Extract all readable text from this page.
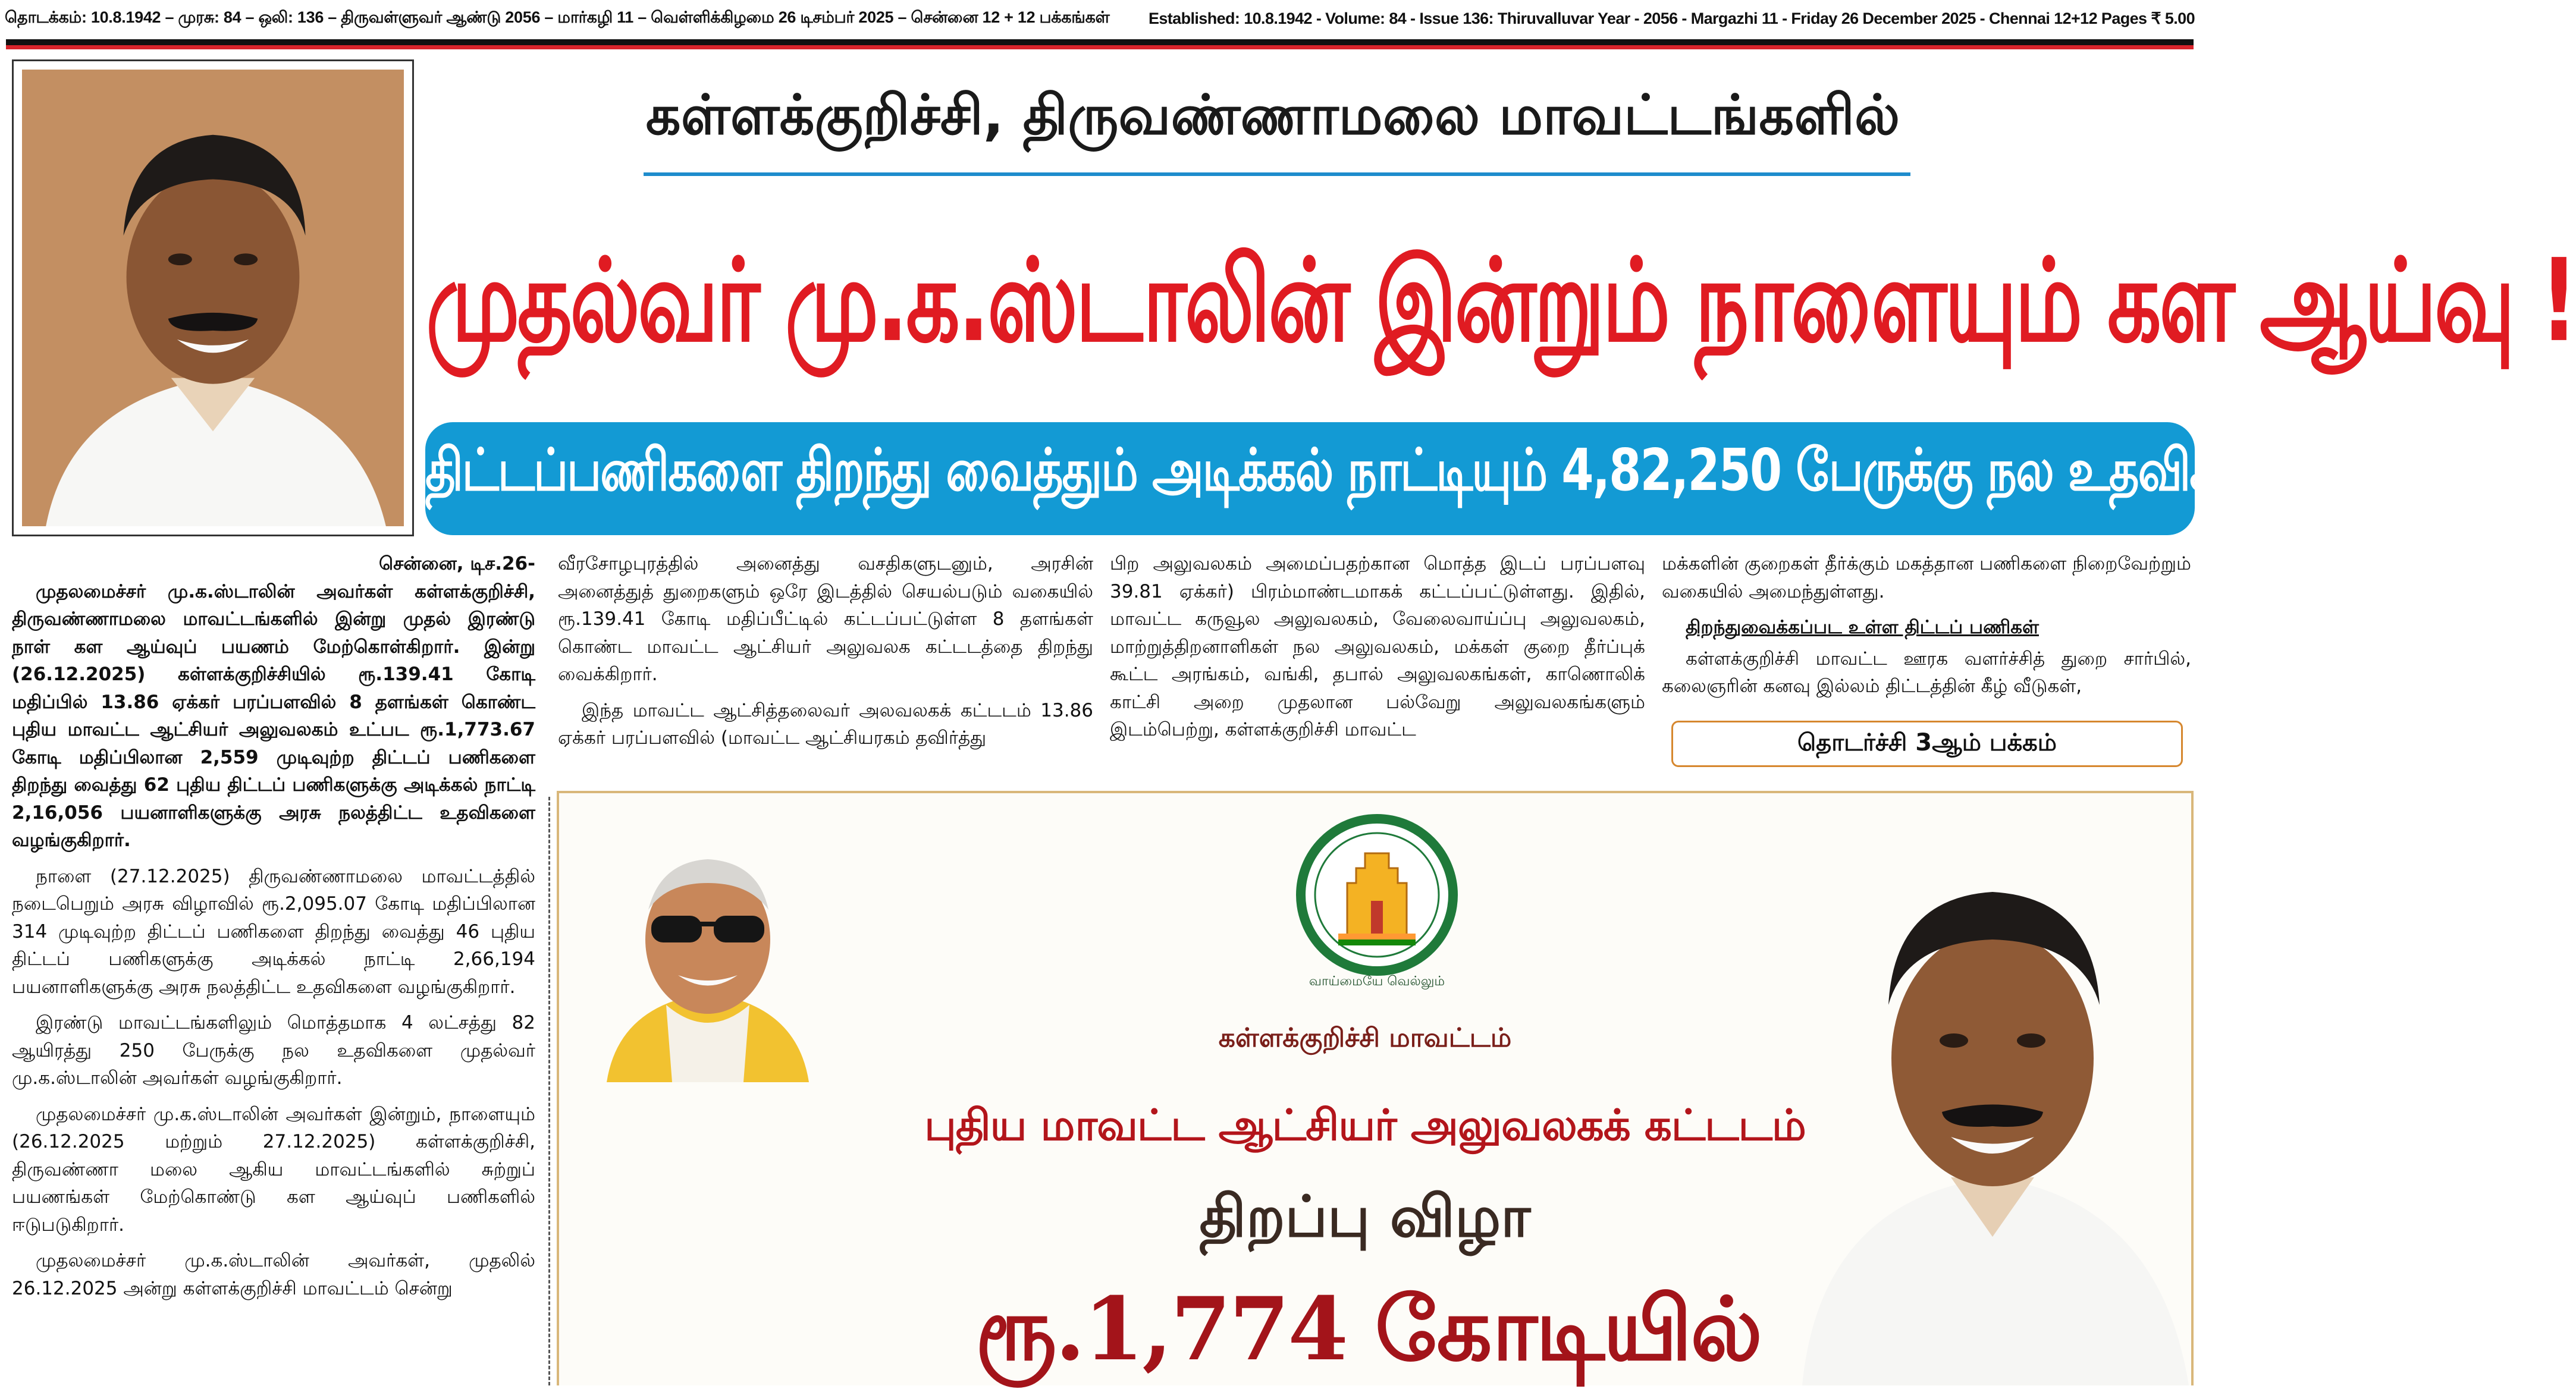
தொடக்கம்: 10.8.1942 – முரசு: 84 – ஒலி: 136 – திருவள்ளுவர் ஆண்டு 2056 – மார்கழி 11 – வெள்ளிக்கிழமை 26 டிசம்பர் 2025 – சென்னை 12 + 12 பக்கங்கள் Established: 10.8.1942 - Volume: 84 - Issue 136: Thiruvalluvar Year - 2056 - Margazhi 11 - Friday 26 December 2025 - Chennai 12+12 Pages ₹ 5.00
கள்ளக்குறிச்சி, திருவண்ணாமலை மாவட்டங்களில்
முதல்வர் மு.க.ஸ்டாலின் இன்றும் நாளையும் கள ஆய்வு !
திட்டப்பணிகளை திறந்து வைத்தும் அடிக்கல் நாட்டியும் 4,82,250 பேருக்கு நல உதவிகள் வழங்குகிறார்!
சென்னை, டிச.26-

முதலமைச்சர் மு.க.ஸ்டாலின் அவர்கள் கள்ளக்குறிச்சி, திருவண்ணாமலை மாவட்டங்களில் இன்று முதல் இரண்டு நாள் கள ஆய்வுப் பயணம் மேற்கொள்கிறார். இன்று (26.12.2025) கள்ளக்குறிச்சியில் ரூ.139.41 கோடி மதிப்பில் 13.86 ஏக்கர் பரப்பளவில் 8 தளங்கள் கொண்ட புதிய மாவட்ட ஆட்சியர் அலுவலகம் உட்பட ரூ.1,773.67 கோடி மதிப்பிலான 2,559 முடிவுற்ற திட்டப் பணிகளை திறந்து வைத்து 62 புதிய திட்டப் பணிகளுக்கு அடிக்கல் நாட்டி 2,16,056 பயனாளிகளுக்கு அரசு நலத்திட்ட உதவிகளை வழங்குகிறார்.

நாளை (27.12.2025) திருவண்ணாமலை மாவட்டத்தில் நடைபெறும் அரசு விழாவில் ரூ.2,095.07 கோடி மதிப்பிலான 314 முடிவுற்ற திட்டப் பணிகளை திறந்து வைத்து 46 புதிய திட்டப் பணிகளுக்கு அடிக்கல் நாட்டி 2,66,194 பயனாளிகளுக்கு அரசு நலத்திட்ட உதவிகளை வழங்குகிறார்.

இரண்டு மாவட்டங்களிலும் மொத்தமாக 4 லட்சத்து 82 ஆயிரத்து 250 பேருக்கு நல உதவிகளை முதல்வர் மு.க.ஸ்டாலின் அவர்கள் வழங்குகிறார்.

முதலமைச்சர் மு.க.ஸ்டாலின் அவர்கள் இன்றும், நாளையும் (26.12.2025 மற்றும் 27.12.2025) கள்ளக்குறிச்சி, திருவண்ணா மலை ஆகிய மாவட்டங்களில் சுற்றுப் பயணங்கள் மேற்கொண்டு கள ஆய்வுப் பணிகளில் ஈடுபடுகிறார்.

முதலமைச்சர் மு.க.ஸ்டாலின் அவர்கள், முதலில் 26.12.2025 அன்று கள்ளக்குறிச்சி மாவட்டம் சென்று

வீரசோழபுரத்தில் அனைத்து வசதிகளுடனும், அரசின் அனைத்துத் துறைகளும் ஒரே இடத்தில் செயல்படும் வகையில் ரூ.139.41 கோடி மதிப்பீட்டில் கட்டப்பட்டுள்ள 8 தளங்கள் கொண்ட மாவட்ட ஆட்சியர் அலுவலக கட்டடத்தை திறந்து வைக்கிறார்.

இந்த மாவட்ட ஆட்சித்தலைவர் அலவலகக் கட்டடம் 13.86 ஏக்கர் பரப்பளவில் (மாவட்ட ஆட்சியரகம் தவிர்த்து

பிற அலுவலகம் அமைப்பதற்கான மொத்த இடப் பரப்பளவு 39.81 ஏக்கர்) பிரம்மாண்டமாகக் கட்டப்பட்டுள்ளது. இதில், மாவட்ட கருவூல அலுவலகம், வேலைவாய்ப்பு அலுவலகம், மாற்றுத்திறனாளிகள் நல அலுவலகம், மக்கள் குறை தீர்ப்புக் கூட்ட அரங்கம், வங்கி, தபால் அலுவலகங்கள், காணொலிக் காட்சி அறை முதலான பல்வேறு அலுவலகங்களும் இடம்பெற்று, கள்ளக்குறிச்சி மாவட்ட

மக்களின் குறைகள் தீர்க்கும் மகத்தான பணிகளை நிறைவேற்றும் வகையில் அமைந்துள்ளது.

திறந்துவைக்கப்பட உள்ள திட்டப் பணிகள்

கள்ளக்குறிச்சி மாவட்ட ஊரக வளர்ச்சித் துறை சார்பில், கலைஞரின் கனவு இல்லம் திட்டத்தின் கீழ் வீடுகள்,

தொடர்ச்சி 3ஆம் பக்கம்
வாய்மையே வெல்லும்
கள்ளக்குறிச்சி மாவட்டம்
புதிய மாவட்ட ஆட்சியர் அலுவலகக் கட்டடம்
திறப்பு விழா
ரூ.1,774 கோடியில்
